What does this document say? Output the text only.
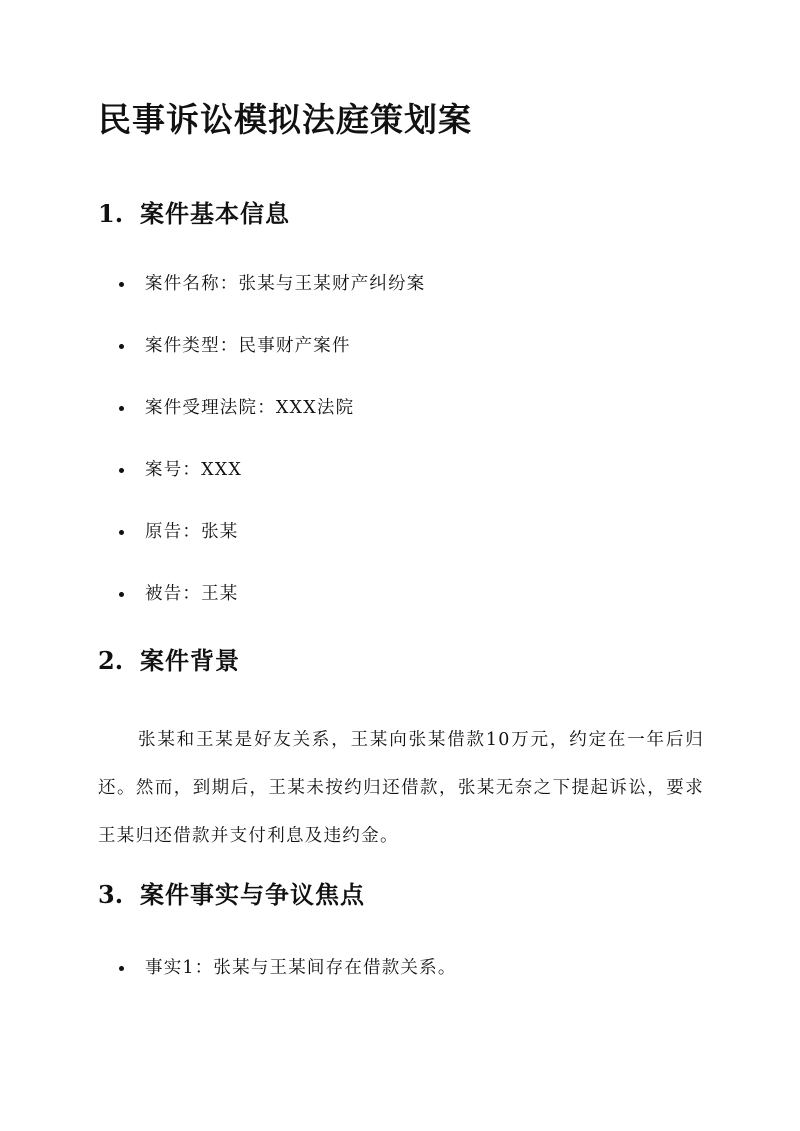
民事诉讼模拟法庭策划案
1. 案件基本信息
案件名称：张某与王某财产纠纷案
案件类型：民事财产案件
案件受理法院：XXX法院
案号：XXX
原告：张某
被告：王某
2. 案件背景

张某和王某是好友关系，王某向张某借款10万元，约定在一年后归还。然而，到期后，王某未按约归还借款，张某无奈之下提起诉讼，要求王某归还借款并支付利息及违约金。

3. 案件事实与争议焦点
事实1：张某与王某间存在借款关系。
